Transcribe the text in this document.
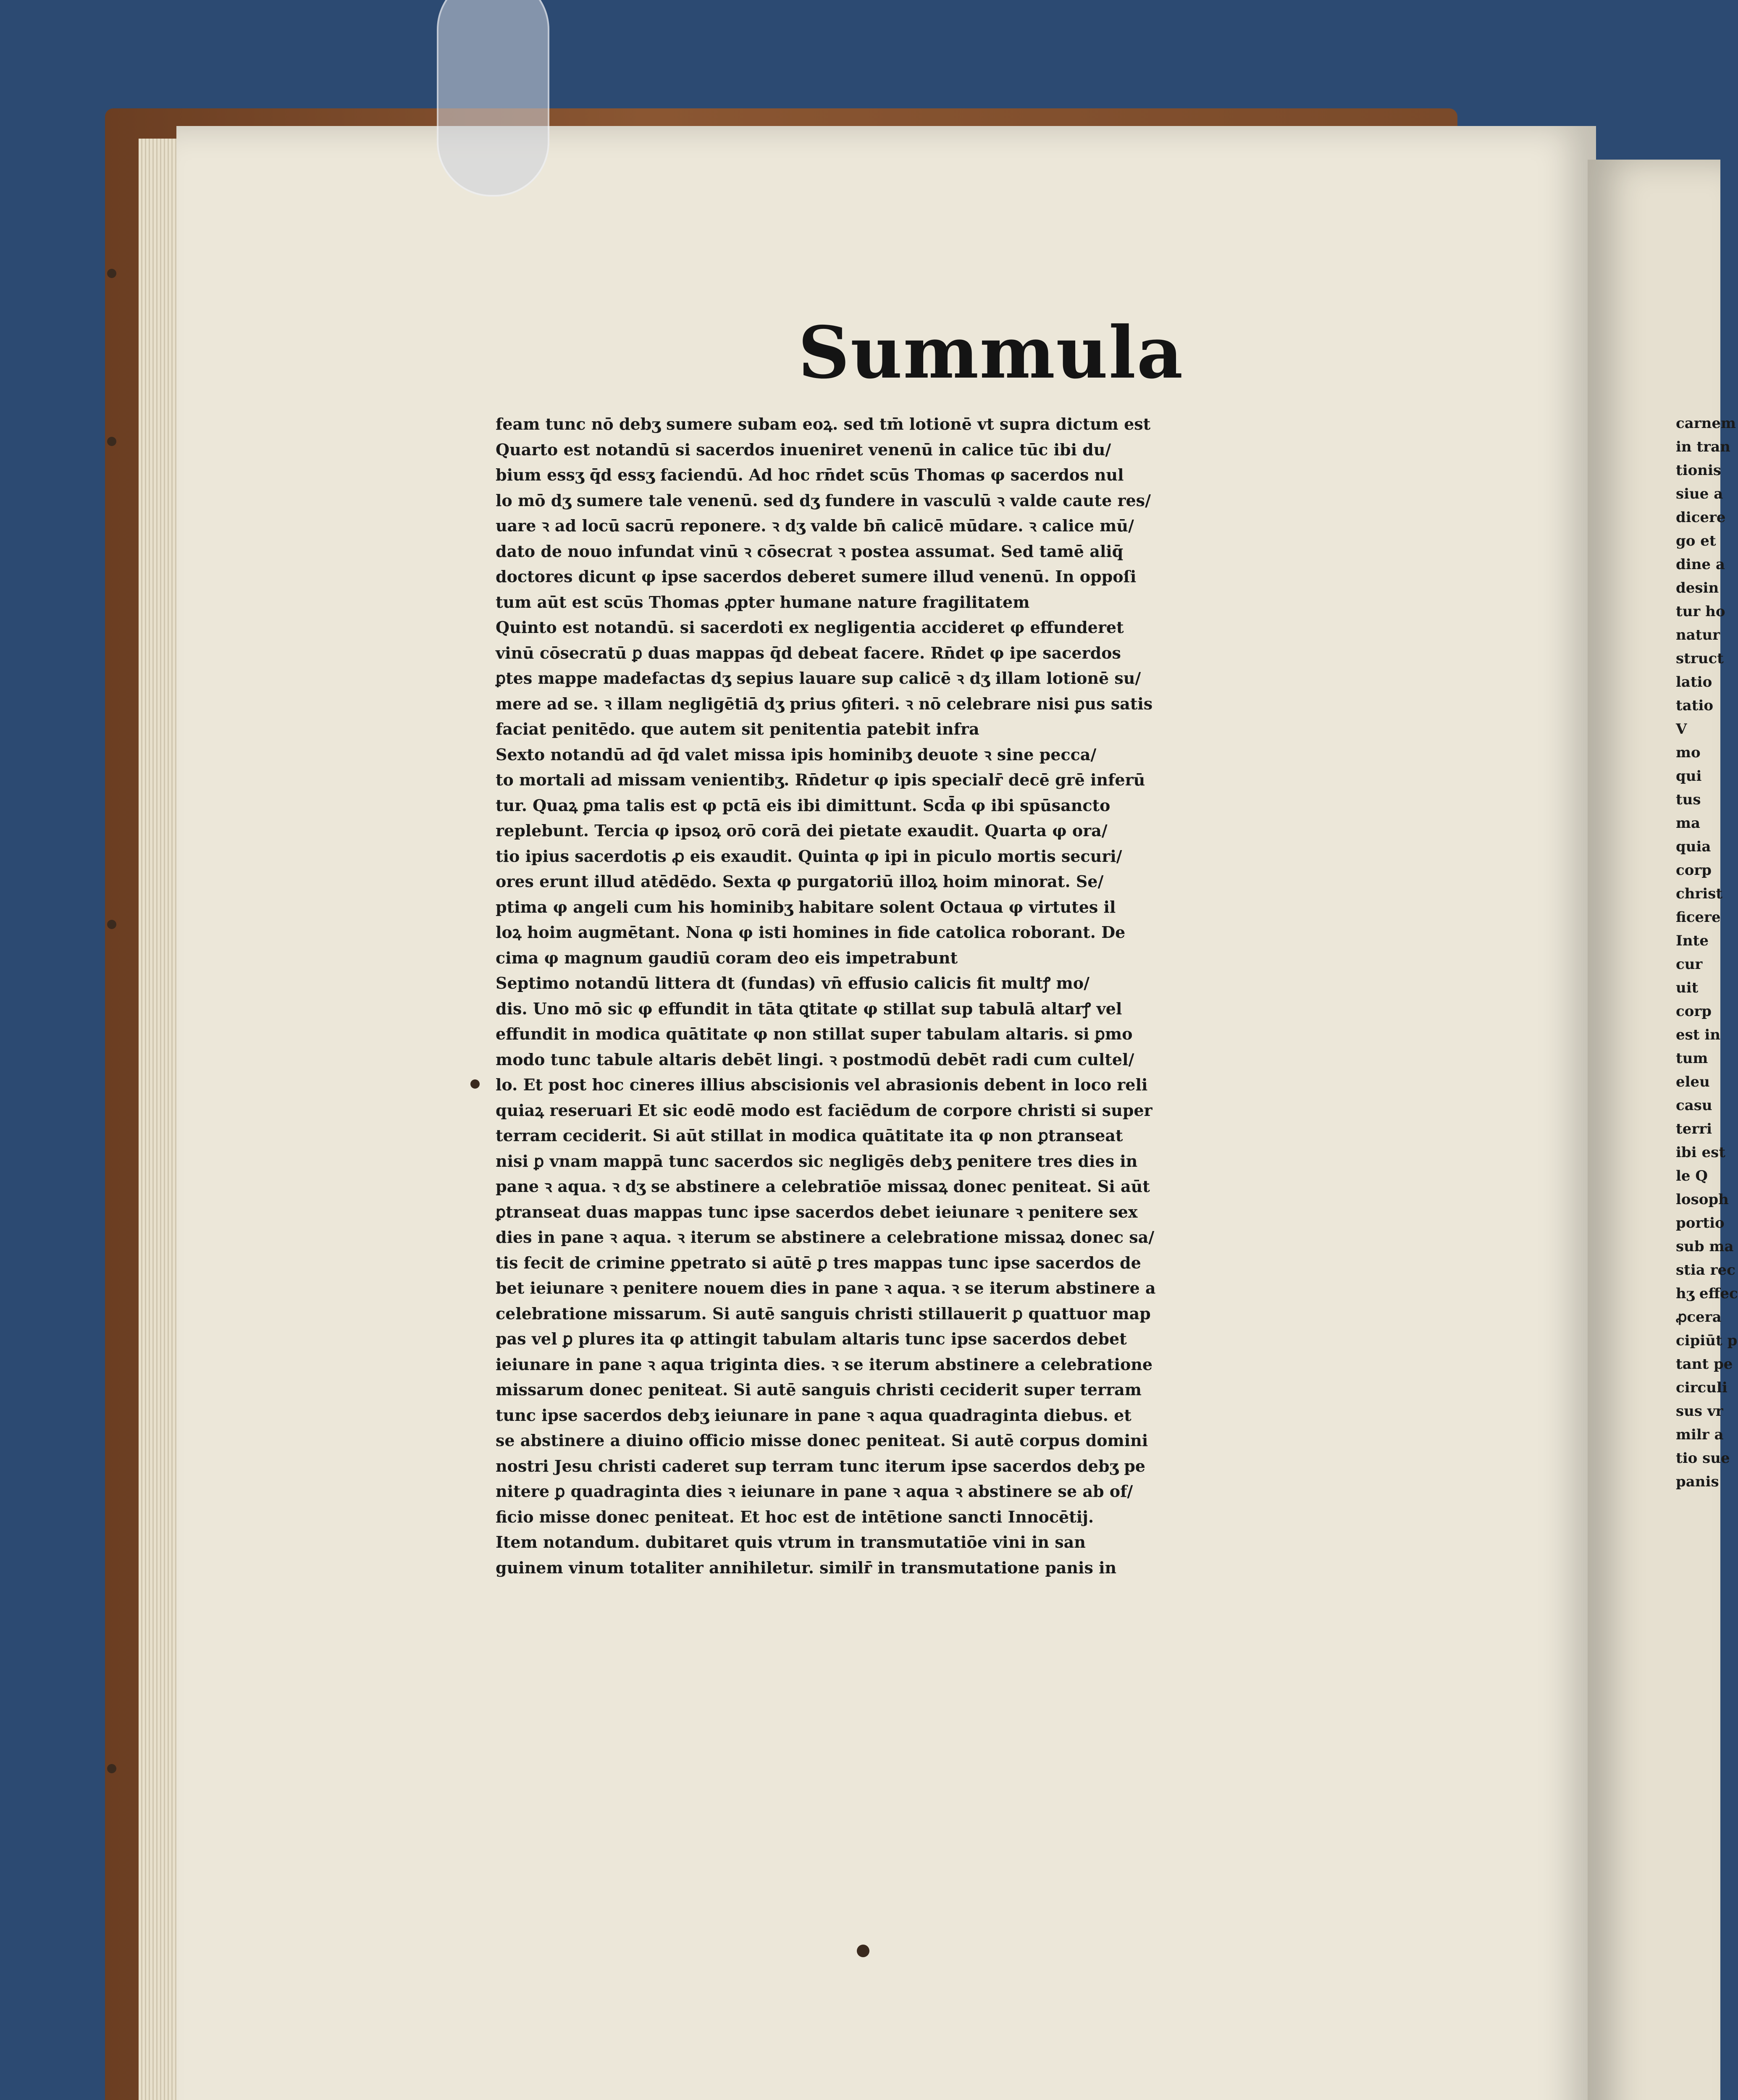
Summula
feam tunc nō debʒ sumere subam eoꝝ. sed tm̄ lotionē vt supra dictum est
Quarto est notandū si sacerdos inueniret venenū in calice tūc ibi du/
bium essʒ q̄d essʒ faciendū. Ad hoc rn̄det scūs Thomas φ sacerdos nul
lo mō dʒ sumere tale venenū. sed dʒ fundere in vasculū ꝛ valde caute res/
uare ꝛ ad locū sacrū reponere. ꝛ dʒ valde bn̄ calicē mūdare. ꝛ calice mū/
dato de nouo infundat vinū ꝛ cōsecrat ꝛ postea assumat. Sed tamē aliq̄
doctores dicunt φ ipse sacerdos deberet sumere illud venenū. In oppoſi
tum aūt est scūs Thomas ꝓpter humane nature fragilitatem
Quinto est notandū. si sacerdoti ex negligentia accideret φ effunderet
vinū cōsecratū ꝑ duas mappas q̄d debeat facere. Rn̄det φ ipe sacerdos
ꝑtes mappe madefactas dʒ sepius lauare sup calicē ꝛ dʒ illam lotionē su/
mere ad se. ꝛ illam negligētiā dʒ prius ꝯfiteri. ꝛ nō celebrare nisi ꝑus satis
faciat penitēdo. que autem sit penitentia patebit infra
Sexto notandū ad q̄d valet missa ipis hominibʒ deuote ꝛ sine pecca/
to mortali ad missam venientibʒ. Rn̄detur φ ipis specialr̄ decē grē inferū
tur. Quaꝝ ꝑma talis est φ pctā eis ibi dimittunt. Scd̄a φ ibi spūsancto
replebunt. Tercia φ ipsoꝝ orō corā dei pietate exaudit. Quarta φ ora/
tio ipius sacerdotis ꝓ eis exaudit. Quinta φ ipi in piculo mortis securi/
ores erunt illud atēdēdo. Sexta φ purgatoriū illoꝝ hoim minorat. Se/
ptima φ angeli cum his hominibʒ habitare solent Octaua φ virtutes il
loꝝ hoim augmētant. Nona φ isti homines in fide catolica roborant. De
cima φ magnum gaudiū coram deo eis impetrabunt
Septimo notandū littera dt (fundas) vn̄ effusio calicis fit multꝭ mo/
dis. Uno mō sic φ effundit in tāta ꝗtitate φ stillat sup tabulā altarꝭ vel
effundit in modica quātitate φ non stillat super tabulam altaris. si ꝑmo
modo tunc tabule altaris debēt lingi. ꝛ postmodū debēt radi cum cultel/
lo. Et post hoc cineres illius abscisionis vel abrasionis debent in loco reli
quiaꝝ reseruari Et sic eodē modo est faciēdum de corpore christi si super
terram ceciderit. Si aūt stillat in modica quātitate ita φ non ꝑtranseat
nisi ꝑ vnam mappā tunc sacerdos sic negligēs debʒ penitere tres dies in
pane ꝛ aqua. ꝛ dʒ se abstinere a celebratiōe missaꝝ donec peniteat. Si aūt
ꝑtranseat duas mappas tunc ipse sacerdos debet ieiunare ꝛ penitere sex
dies in pane ꝛ aqua. ꝛ iterum se abstinere a celebratione missaꝝ donec sa/
tis fecit de crimine ꝑpetrato si aūtē ꝑ tres mappas tunc ipse sacerdos de
bet ieiunare ꝛ penitere nouem dies in pane ꝛ aqua. ꝛ se iterum abstinere a
celebratione missarum. Si autē sanguis christi stillauerit ꝑ quattuor map
pas vel ꝑ plures ita φ attingit tabulam altaris tunc ipse sacerdos debet
ieiunare in pane ꝛ aqua triginta dies. ꝛ se iterum abstinere a celebratione
missarum donec peniteat. Si autē sanguis christi ceciderit super terram
tunc ipse sacerdos debʒ ieiunare in pane ꝛ aqua quadraginta diebus. et
se abstinere a diuino officio misse donec peniteat. Si autē corpus domini
nostri Jesu christi caderet sup terram tunc iterum ipse sacerdos debʒ pe
nitere ꝑ quadraginta dies ꝛ ieiunare in pane ꝛ aqua ꝛ abstinere se ab of/
ficio misse donec peniteat. Et hoc est de intētione sancti Innocētij.
Item notandum. dubitaret quis vtrum in transmutatiōe vini in san
guinem vinum totaliter annihiletur. similr̄ in transmutatione panis in
carnem
in tran
tionis
siue a
dicere
go et
dine a
desin
tur ho
natur
struct
latio
tatio
V
mo
qui
tus
ma
quia
corp
christ
ficere
Inte
cur
uit
corp
est in
tum
eleu
casu
terri
ibi est
le Q
losoph
portio
sub ma
stia rec
hʒ effec
ꝓcera
cipiūt p
tant pe
circuli
sus vr
milr a
tio sue
panis
